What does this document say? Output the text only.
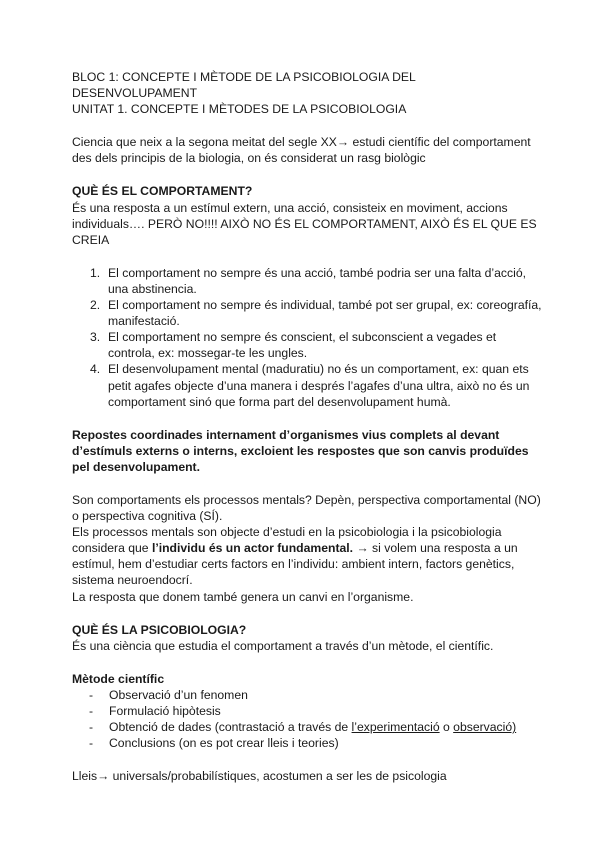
BLOC 1: CONCEPTE I MÈTODE DE LA PSICOBIOLOGIA DEL DESENVOLUPAMENT

UNITAT 1. CONCEPTE I MÈTODES DE LA PSICOBIOLOGIA

Ciencia que neix a la segona meitat del segle XX→ estudi científic del comportament des dels principis de la biologia, on és considerat un rasg biològic

QUÈ ÉS EL COMPORTAMENT?

És una resposta a un estímul extern, una acció, consisteix en moviment, accions individuals…. PERÒ NO!!!! AIXÒ NO ÉS EL COMPORTAMENT, AIXÒ ÉS EL QUE ES CREIA

1. El comportament no sempre és una acció, també podria ser una falta d’acció, una abstinencia.
2. El comportament no sempre és individual, també pot ser grupal, ex: coreografía, manifestació.
3. El comportament no sempre és conscient, el subconscient a vegades et controla, ex: mossegar-te les ungles.
4. El desenvolupament mental (maduratiu) no és un comportament, ex: quan ets petit agafes objecte d’una manera i després l’agafes d’una ultra, això no és un comportament sinó que forma part del desenvolupament humà.

Repostes coordinades internament d’organismes vius complets al devant d’estímuls externs o interns, excloient les respostes que son canvis produïdes pel desenvolupament.

Son comportaments els processos mentals? Depèn, perspectiva comportamental (NO) o perspectiva cognitiva (SÍ).

Els processos mentals son objecte d’estudi en la psicobiologia i la psicobiologia considera que l’individu és un actor fundamental. → si volem una resposta a un estímul, hem d’estudiar certs factors en l’individu: ambient intern, factors genètics, sistema neuroendocrí.

La resposta que donem també genera un canvi en l’organisme.

QUÈ ÉS LA PSICOBIOLOGIA?

És una ciència que estudia el comportament a través d’un mètode, el científic.

Mètode científic

- Observació d’un fenomen
- Formulació hipòtesis
- Obtenció de dades (contrastació a través de l’experimentació o observació)
- Conclusions (on es pot crear lleis i teories)

Lleis→ universals/probabilístiques, acostumen a ser les de psicologia
